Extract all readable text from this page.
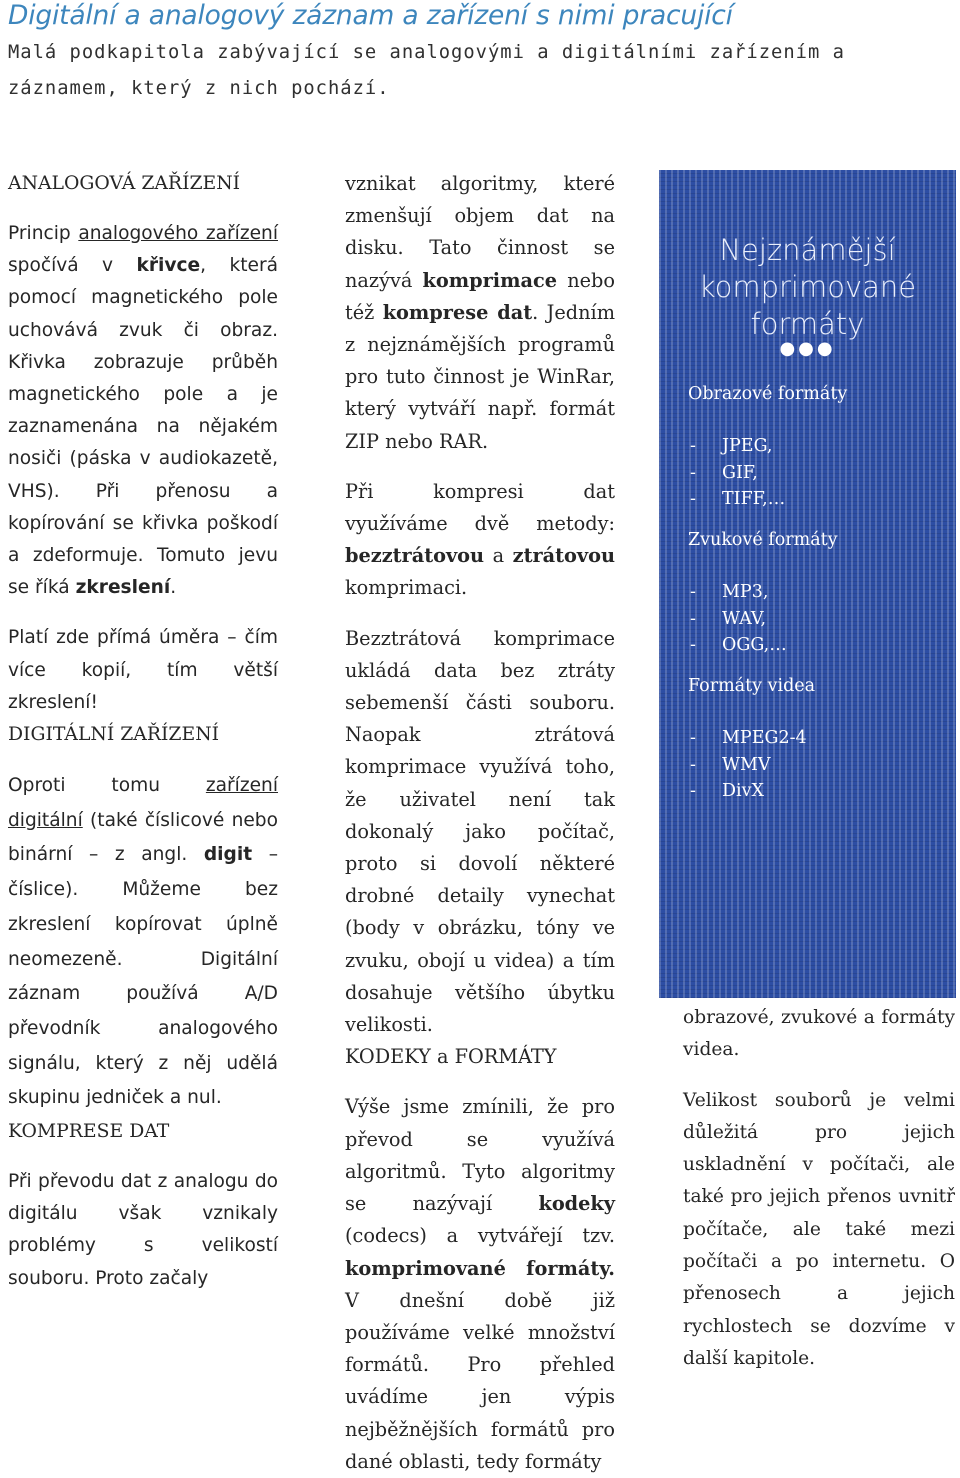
Digitální a analogový záznam a zařízení s nimi pracující
Malá podkapitola zabývající se analogovými a digitálními zařízením a záznamem, který z nich pochází.
ANALOGOVÁ ZAŘÍZENÍ

Princip analogového zařízení spočívá v křivce, která pomocí magnetického pole uchovává zvuk či obraz. Křivka zobrazuje průběh magnetického pole a je zaznamenána na nějakém nosiči (páska v audiokazetě, VHS). Při přenosu a kopírování se křivka poškodí a zdeformuje. Tomuto jevu se říká zkreslení.

Platí zde přímá úměra – čím více kopií, tím větší zkreslení!

DIGITÁLNÍ ZAŘÍZENÍ

Oproti tomu zařízení digitální (také číslicové nebo binární – z angl. digit – číslice). Můžeme bez zkreslení kopírovat úplně neomezeně. Digitální záznam používá A/D převodník analogového signálu, který z něj udělá skupinu jedniček a nul.

KOMPRESE DAT

Při převodu dat z analogu do digitálu však vznikaly problémy s velikostí souboru. Proto začaly

vznikat algoritmy, které zmenšují objem dat na disku. Tato činnost se nazývá komprimace nebo též komprese dat. Jedním z nejznámějších programů pro tuto činnost je WinRar, který vytváří např. formát ZIP nebo RAR.

Při kompresi dat využíváme dvě metody: bezztrátovou a ztrátovou komprimaci.

Bezztrátová komprimace ukládá data bez ztráty sebemenší části souboru. Naopak ztrátová komprimace využívá toho, že uživatel není tak dokonalý jako počítač, proto si dovolí některé drobné detaily vynechat (body v obrázku, tóny ve zvuku, obojí u videa) a tím dosahuje většího úbytku velikosti.

KODEKY a FORMÁTY

Výše jsme zmínili, že pro převod se využívá algoritmů. Tyto algoritmy se nazývají kodeky (codecs) a vytvářejí tzv. komprimované formáty. V dnešní době již používáme velké množství formátů. Pro přehled uvádíme jen výpis nejběžnějších formátů pro dané oblasti, tedy formáty

Nejznámější
komprimované
formáty
●●●
Obrazové formáty
- JPEG,
- GIF,
- TIFF,…
Zvukové formáty
- MP3,
- WAV,
- OGG,…
Formáty videa
- MPEG2-4
- WMV
- DivX

obrazové, zvukové a formáty videa.

Velikost souborů je velmi důležitá pro jejich uskladnění v počítači, ale také pro jejich přenos uvnitř počítače, ale také mezi počítači a po internetu. O přenosech a jejich rychlostech se dozvíme v další kapitole.
